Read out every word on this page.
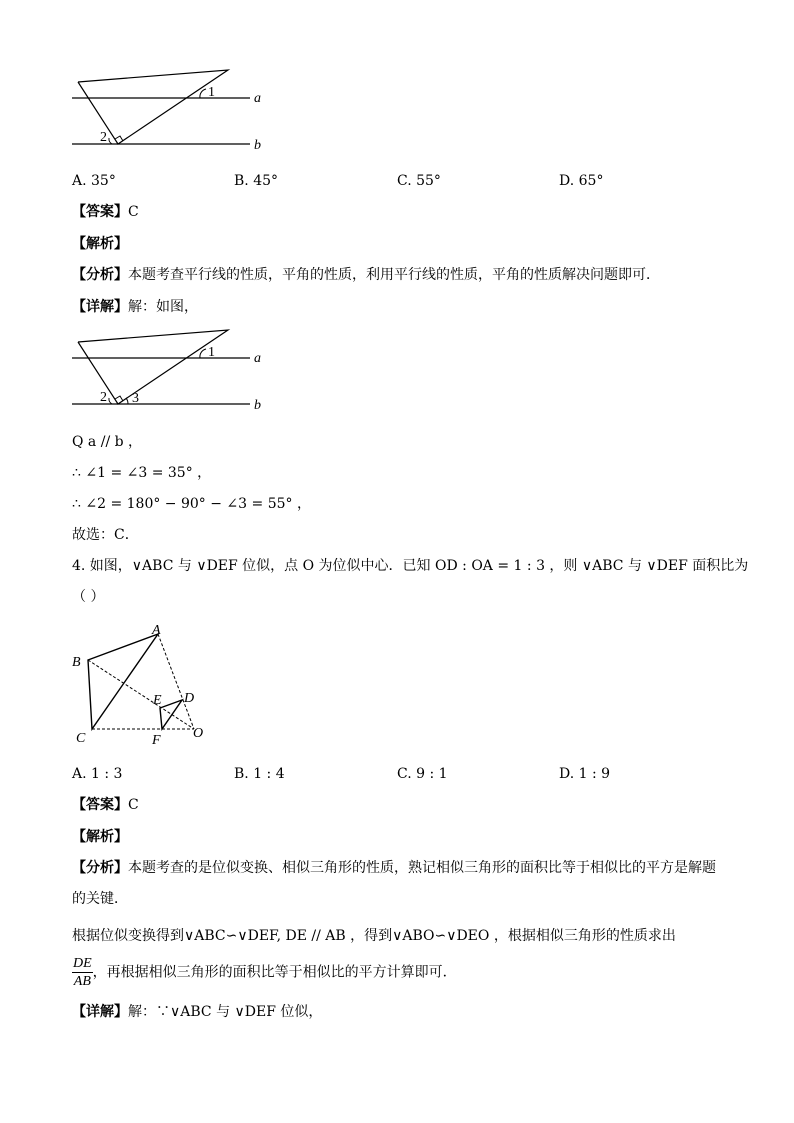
1
2
a
b
A. 35°	B. 45°	C. 55°	D. 65°
【答案】C
【解析】
【分析】本题考查平行线的性质，平角的性质，利用平行线的性质，平角的性质解决问题即可．
【详解】解：如图，
1
2 3
a
b
Q a // b ，
∴ ∠1 = ∠3 = 35° ，
∴ ∠2 = 180° − 90° − ∠3 = 55° ，
故选：C．
4. 如图，∨ABC 与 ∨DEF 位似，点 O 为位似中心．已知 OD : OA = 1 : 3 ，则 ∨ABC 与 ∨DEF 面积比为
（ ）
A
B
C
D
E
F O
A. 1 : 3	B. 1 : 4	C. 9 : 1	D. 1 : 9
【答案】C
【解析】
【分析】本题考查的是位似变换、相似三角形的性质，熟记相似三角形的面积比等于相似比的平方是解题
的关键．
根据位似变换得到∨ABC∽∨DEF, DE // AB ，得到∨ABO∽∨DEO ，根据相似三角形的性质求出
$\frac{DE}{AB}$ ，再根据相似三角形的面积比等于相似比的平方计算即可．
【详解】解：∵∨ABC 与 ∨DEF 位似，
